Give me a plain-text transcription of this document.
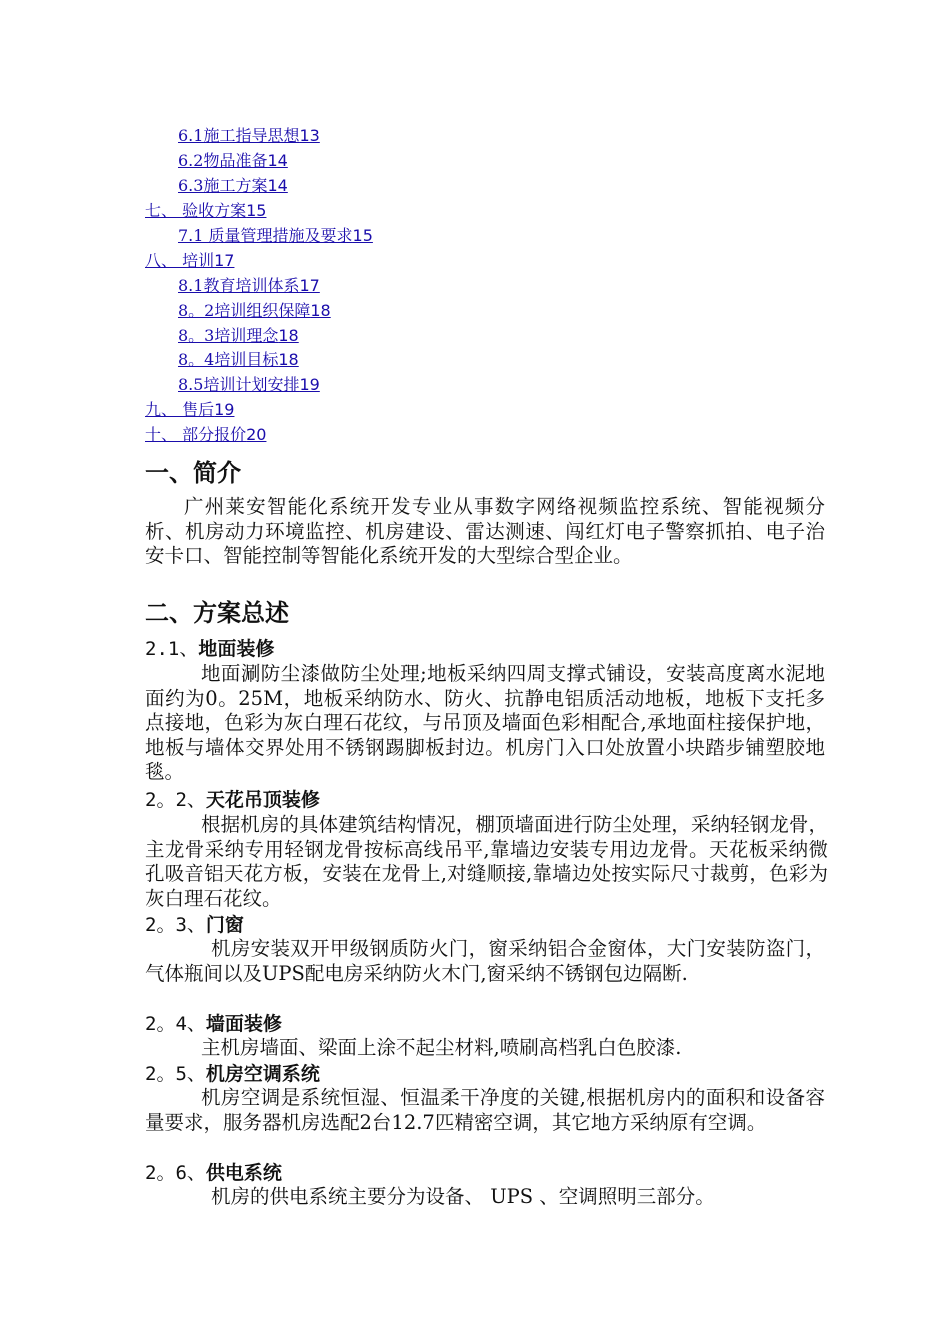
6.1施工指导思想13
6.2物品准备14
6.3施工方案14
七、 验收方案15
7.1 质量管理措施及要求15
八、 培训17
8.1教育培训体系17
8。2培训组织保障18
8。3培训理念18
8。4培训目标18
8.5培训计划安排19
九、 售后19
十、 部分报价20
一、简介

广州莱安智能化系统开发专业从事数字网络视频监控系统、智能视频分析、机房动力环境监控、机房建设、雷达测速、闯红灯电子警察抓拍、电子治安卡口、智能控制等智能化系统开发的大型综合型企业。

二、方案总述
2.1、地面装修

地面涮防尘漆做防尘处理;地板采纳四周支撑式铺设，安装高度离水泥地面约为0。25M，地板采纳防水、防火、抗静电铝质活动地板，地板下支托多点接地，色彩为灰白理石花纹，与吊顶及墙面色彩相配合,承地面柱接保护地，地板与墙体交界处用不锈钢踢脚板封边。机房门入口处放置小块踏步铺塑胶地毯。

2。2、天花吊顶装修

根据机房的具体建筑结构情况，棚顶墙面进行防尘处理，采纳轻钢龙骨，主龙骨采纳专用轻钢龙骨按标高线吊平,靠墙边安装专用边龙骨。天花板采纳微孔吸音铝天花方板，安装在龙骨上,对缝顺接,靠墙边处按实际尺寸裁剪，色彩为灰白理石花纹。

2。3、门窗

机房安装双开甲级钢质防火门，窗采纳铝合金窗体，大门安装防盗门，气体瓶间以及UPS配电房采纳防火木门,窗采纳不锈钢包边隔断.

2。4、墙面装修

主机房墙面、梁面上涂不起尘材料,喷刷高档乳白色胶漆.

2。5、机房空调系统

机房空调是系统恒湿、恒温柔干净度的关键,根据机房内的面积和设备容量要求，服务器机房选配2台12.7匹精密空调，其它地方采纳原有空调。

2。6、供电系统

机房的供电系统主要分为设备、 UPS 、空调照明三部分。
